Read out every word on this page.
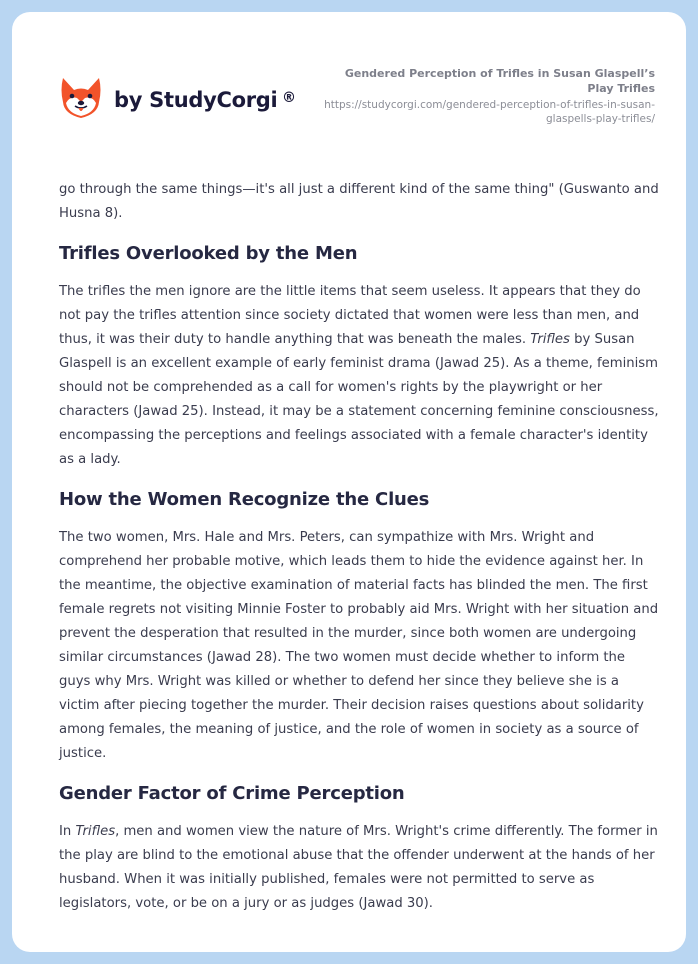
by StudyCorgi ®
Gendered Perception of Trifles in Susan Glaspell’s Play Trifles
https://studycorgi.com/gendered-perception-of-trifles-in-susan-glaspells-play-trifles/

go through the same things—it's all just a different kind of the same thing" (Guswanto and Husna 8).

Trifles Overlooked by the Men

The trifles the men ignore are the little items that seem useless. It appears that they do not pay the trifles attention since society dictated that women were less than men, and thus, it was their duty to handle anything that was beneath the males. Trifles by Susan Glaspell is an excellent example of early feminist drama (Jawad 25). As a theme, feminism should not be comprehended as a call for women's rights by the playwright or her characters (Jawad 25). Instead, it may be a statement concerning feminine consciousness, encompassing the perceptions and feelings associated with a female character's identity as a lady.

How the Women Recognize the Clues

The two women, Mrs. Hale and Mrs. Peters, can sympathize with Mrs. Wright and comprehend her probable motive, which leads them to hide the evidence against her. In the meantime, the objective examination of material facts has blinded the men. The first female regrets not visiting Minnie Foster to probably aid Mrs. Wright with her situation and prevent the desperation that resulted in the murder, since both women are undergoing similar circumstances (Jawad 28). The two women must decide whether to inform the guys why Mrs. Wright was killed or whether to defend her since they believe she is a victim after piecing together the murder. Their decision raises questions about solidarity among females, the meaning of justice, and the role of women in society as a source of justice.

Gender Factor of Crime Perception

In Trifles, men and women view the nature of Mrs. Wright's crime differently. The former in the play are blind to the emotional abuse that the offender underwent at the hands of her husband. When it was initially published, females were not permitted to serve as legislators, vote, or be on a jury or as judges (Jawad 30).
